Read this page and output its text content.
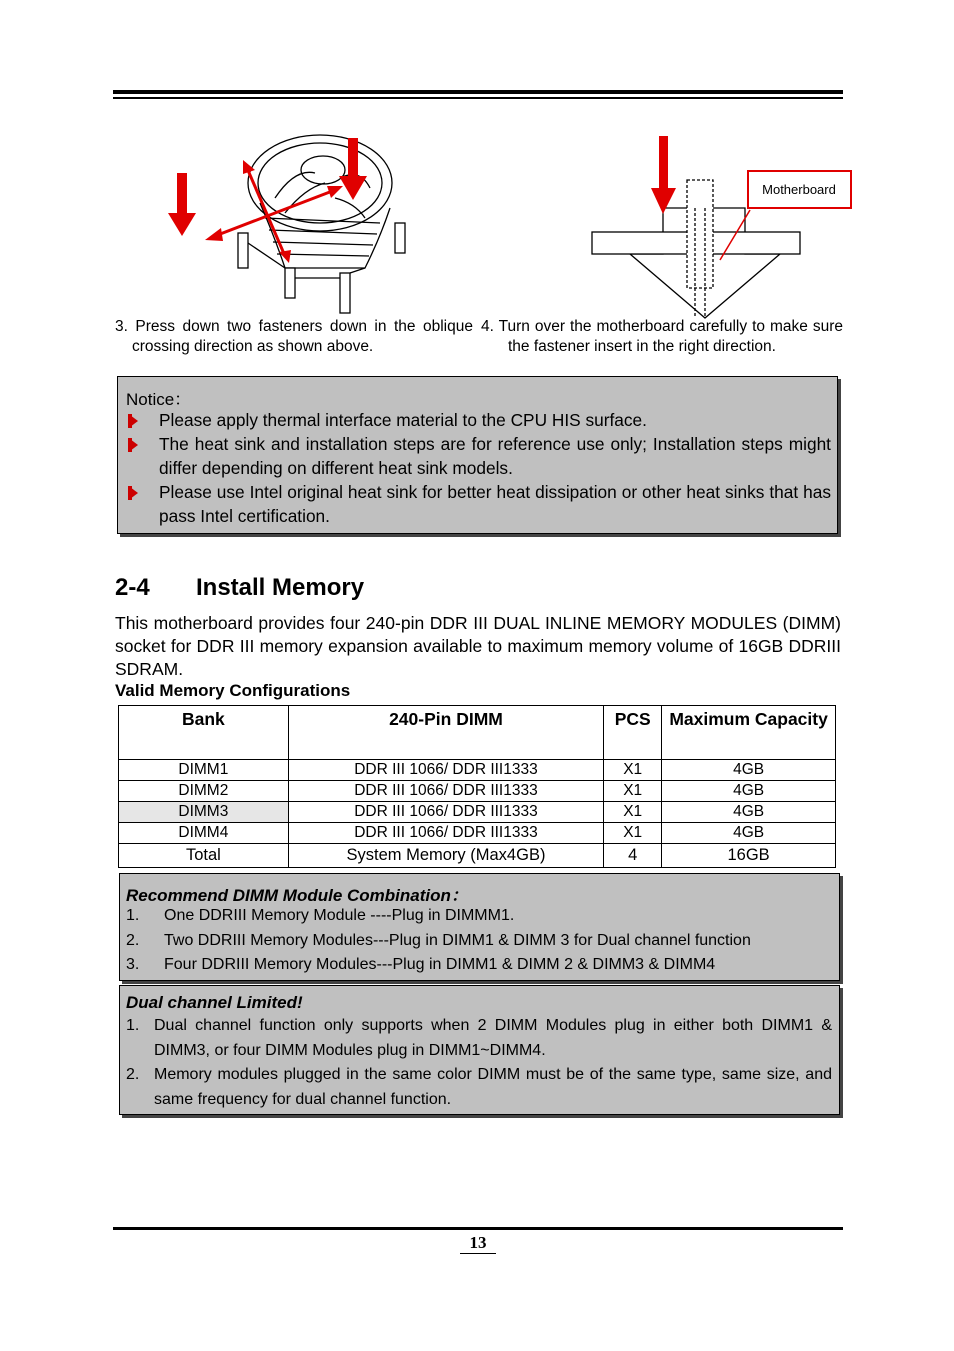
Motherboard
3. Press down two fasteners down in the oblique crossing direction as shown above.
4. Turn over the motherboard carefully to make sure the fastener insert in the right direction.
Notice：
Please apply thermal interface material to the CPU HIS surface.
The heat sink and installation steps are for reference use only; Installation steps might differ depending on different heat sink models.
Please use Intel original heat sink for better heat dissipation or other heat sinks that has pass Intel certification.
2-4 Install Memory
This motherboard provides four 240-pin DDR III DUAL INLINE MEMORY MODULES (DIMM) socket for DDR III memory expansion available to maximum memory volume of 16GB DDRIII SDRAM.
Valid Memory Configurations
Bank	240-Pin DIMM	PCS	Maximum Capacity
DIMM1	DDR III 1066/ DDR III1333	X1	4GB
DIMM2	DDR III 1066/ DDR III1333	X1	4GB
DIMM3	DDR III 1066/ DDR III1333	X1	4GB
DIMM4	DDR III 1066/ DDR III1333	X1	4GB
Total	System Memory (Max4GB)	4	16GB
Recommend DIMM Module Combination：
1. One DDRIII Memory Module ----Plug in DIMMM1.
2. Two DDRIII Memory Modules---Plug in DIMM1 & DIMM 3 for Dual channel function
3. Four DDRIII Memory Modules---Plug in DIMM1 & DIMM 2 & DIMM3 & DIMM4
Dual channel Limited!
1. Dual channel function only supports when 2 DIMM Modules plug in either both DIMM1 & DIMM3, or four DIMM Modules plug in DIMM1~DIMM4.
2. Memory modules plugged in the same color DIMM must be of the same type, same size, and same frequency for dual channel function.
13
